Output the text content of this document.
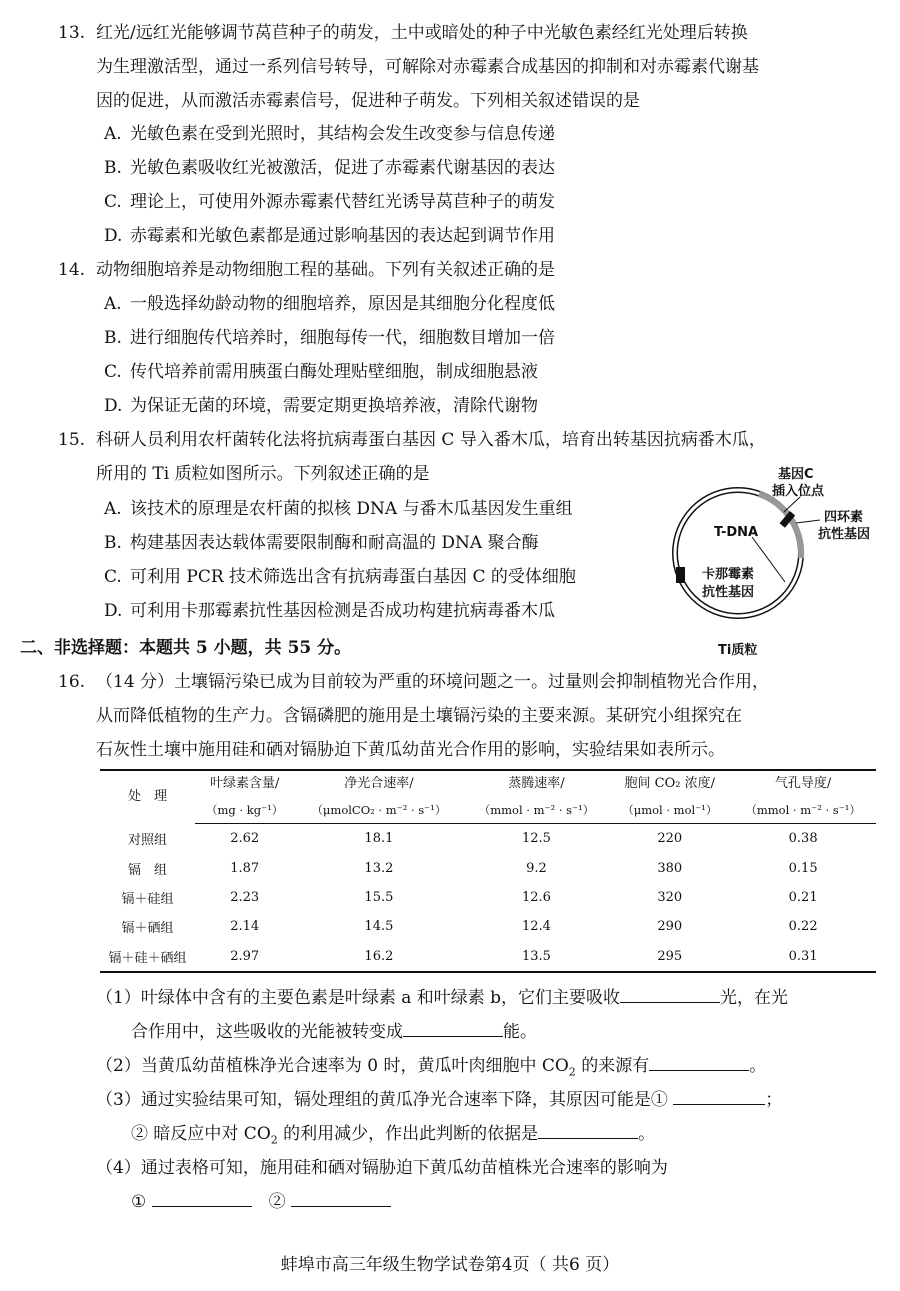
13. 红光/远红光能够调节莴苣种子的萌发，土中或暗处的种子中光敏色素经红光处理后转换
为生理激活型，通过一系列信号转导，可解除对赤霉素合成基因的抑制和对赤霉素代谢基
因的促进，从而激活赤霉素信号，促进种子萌发。下列相关叙述错误的是
A. 光敏色素在受到光照时，其结构会发生改变参与信息传递
B. 光敏色素吸收红光被激活，促进了赤霉素代谢基因的表达
C. 理论上，可使用外源赤霉素代替红光诱导莴苣种子的萌发
D. 赤霉素和光敏色素都是通过影响基因的表达起到调节作用
14. 动物细胞培养是动物细胞工程的基础。下列有关叙述正确的是
A. 一般选择幼龄动物的细胞培养，原因是其细胞分化程度低
B. 进行细胞传代培养时，细胞每传一代，细胞数目增加一倍
C. 传代培养前需用胰蛋白酶处理贴壁细胞，制成细胞悬液
D. 为保证无菌的环境，需要定期更换培养液，清除代谢物
15. 科研人员利用农杆菌转化法将抗病毒蛋白基因 C 导入番木瓜，培育出转基因抗病番木瓜，
所用的 Ti 质粒如图所示。下列叙述正确的是
A. 该技术的原理是农杆菌的拟核 DNA 与番木瓜基因发生重组
B. 构建基因表达载体需要限制酶和耐高温的 DNA 聚合酶
C. 可利用 PCR 技术筛选出含有抗病毒蛋白基因 C 的受体细胞
D. 可利用卡那霉素抗性基因检测是否成功构建抗病毒番木瓜
基因C
插入位点
四环素
抗性基因
T-DNA
卡那霉素
抗性基因
Ti质粒
二、非选择题：本题共 5 小题，共 55 分。
16. （14 分）土壤镉污染已成为目前较为严重的环境问题之一。过量则会抑制植物光合作用，
从而降低植物的生产力。含镉磷肥的施用是土壤镉污染的主要来源。某研究小组探究在
石灰性土壤中施用硅和硒对镉胁迫下黄瓜幼苗光合作用的影响，实验结果如表所示。
处　理	叶绿素含量/	净光合速率/	蒸腾速率/	胞间 CO₂ 浓度/	气孔导度/
	（mg · kg⁻¹）	（μmolCO₂ · m⁻² · s⁻¹）	（mmol · m⁻² · s⁻¹）	（μmol · mol⁻¹）	（mmol · m⁻² · s⁻¹）
对照组	2.62	18.1	12.5	220	0.38
镉　组	1.87	13.2	9.2	380	0.15
镉＋硅组	2.23	15.5	12.6	320	0.21
镉＋硒组	2.14	14.5	12.4	290	0.22
镉＋硅＋硒组	2.97	16.2	13.5	295	0.31
（1）叶绿体中含有的主要色素是叶绿素 a 和叶绿素 b，它们主要吸收	光，在光
合作用中，这些吸收的光能被转变成	能。
（2）当黄瓜幼苗植株净光合速率为 0 时，黄瓜叶肉细胞中 $CO_2$ 的来源有	。
（3）通过实验结果可知，镉处理组的黄瓜净光合速率下降，其原因可能是①	；
② 暗反应中对 $CO_2$ 的利用减少，作出此判断的依据是	。
（4）通过表格可知，施用硅和硒对镉胁迫下黄瓜幼苗植株光合速率的影响为
① 　	②
蚌埠市高三年级生物学试卷第4页（ 共6 页）
